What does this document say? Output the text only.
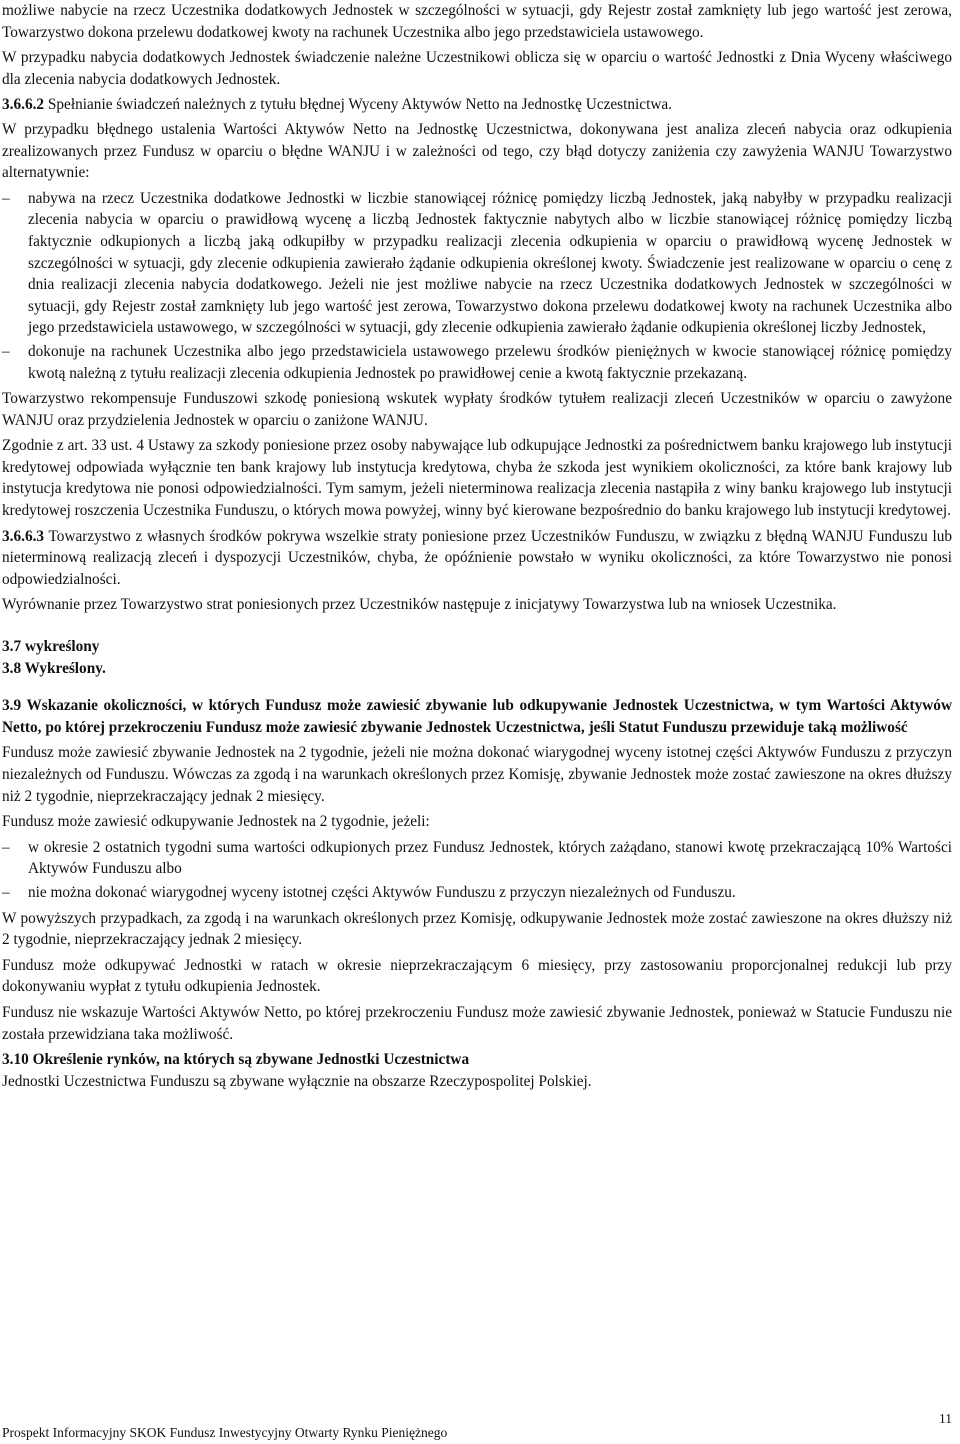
możliwe nabycie na rzecz Uczestnika dodatkowych Jednostek w szczególności w sytuacji, gdy Rejestr został zamknięty lub jego wartość jest zerowa, Towarzystwo dokona przelewu dodatkowej kwoty na rachunek Uczestnika albo jego przedstawiciela ustawowego.

W przypadku nabycia dodatkowych Jednostek świadczenie należne Uczestnikowi oblicza się w oparciu o wartość Jednostki z Dnia Wyceny właściwego dla zlecenia nabycia dodatkowych Jednostek.

3.6.6.2 Spełnianie świadczeń należnych z tytułu błędnej Wyceny Aktywów Netto na Jednostkę Uczestnictwa.

W przypadku błędnego ustalenia Wartości Aktywów Netto na Jednostkę Uczestnictwa, dokonywana jest analiza zleceń nabycia oraz odkupienia zrealizowanych przez Fundusz w oparciu o błędne WANJU i w zależności od tego, czy błąd dotyczy zaniżenia czy zawyżenia WANJU Towarzystwo alternatywnie:

– nabywa na rzecz Uczestnika dodatkowe Jednostki w liczbie stanowiącej różnicę pomiędzy liczbą Jednostek, jaką nabyłby w przypadku realizacji zlecenia nabycia w oparciu o prawidłową wycenę a liczbą Jednostek faktycznie nabytych albo w liczbie stanowiącej różnicę pomiędzy liczbą faktycznie odkupionych a liczbą jaką odkupiłby w przypadku realizacji zlecenia odkupienia w oparciu o prawidłową wycenę Jednostek w szczególności w sytuacji, gdy zlecenie odkupienia zawierało żądanie odkupienia określonej kwoty. Świadczenie jest realizowane w oparciu o cenę z dnia realizacji zlecenia nabycia dodatkowego. Jeżeli nie jest możliwe nabycie na rzecz Uczestnika dodatkowych Jednostek w szczególności w sytuacji, gdy Rejestr został zamknięty lub jego wartość jest zerowa, Towarzystwo dokona przelewu dodatkowej kwoty na rachunek Uczestnika albo jego przedstawiciela ustawowego, w szczególności w sytuacji, gdy zlecenie odkupienia zawierało żądanie odkupienia określonej liczby Jednostek,
– dokonuje na rachunek Uczestnika albo jego przedstawiciela ustawowego przelewu środków pieniężnych w kwocie stanowiącej różnicę pomiędzy kwotą należną z tytułu realizacji zlecenia odkupienia Jednostek po prawidłowej cenie a kwotą faktycznie przekazaną.

Towarzystwo rekompensuje Funduszowi szkodę poniesioną wskutek wypłaty środków tytułem realizacji zleceń Uczestników w oparciu o zawyżone WANJU oraz przydzielenia Jednostek w oparciu o zaniżone WANJU.

Zgodnie z art. 33 ust. 4 Ustawy za szkody poniesione przez osoby nabywające lub odkupujące Jednostki za pośrednictwem banku krajowego lub instytucji kredytowej odpowiada wyłącznie ten bank krajowy lub instytucja kredytowa, chyba że szkoda jest wynikiem okoliczności, za które bank krajowy lub instytucja kredytowa nie ponosi odpowiedzialności. Tym samym, jeżeli nieterminowa realizacja zlecenia nastąpiła z winy banku krajowego lub instytucji kredytowej roszczenia Uczestnika Funduszu, o których mowa powyżej, winny być kierowane bezpośrednio do banku krajowego lub instytucji kredytowej.

3.6.6.3 Towarzystwo z własnych środków pokrywa wszelkie straty poniesione przez Uczestników Funduszu, w związku z błędną WANJU Funduszu lub nieterminową realizacją zleceń i dyspozycji Uczestników, chyba, że opóźnienie powstało w wyniku okoliczności, za które Towarzystwo nie ponosi odpowiedzialności.

Wyrównanie przez Towarzystwo strat poniesionych przez Uczestników następuje z inicjatywy Towarzystwa lub na wniosek Uczestnika.

3.7 wykreślony

3.8 Wykreślony.

3.9 Wskazanie okoliczności, w których Fundusz może zawiesić zbywanie lub odkupywanie Jednostek Uczestnictwa, w tym Wartości Aktywów Netto, po której przekroczeniu Fundusz może zawiesić zbywanie Jednostek Uczestnictwa, jeśli Statut Funduszu przewiduje taką możliwość

Fundusz może zawiesić zbywanie Jednostek na 2 tygodnie, jeżeli nie można dokonać wiarygodnej wyceny istotnej części Aktywów Funduszu z przyczyn niezależnych od Funduszu. Wówczas za zgodą i na warunkach określonych przez Komisję, zbywanie Jednostek może zostać zawieszone na okres dłuższy niż 2 tygodnie, nieprzekraczający jednak 2 miesięcy.

Fundusz może zawiesić odkupywanie Jednostek na 2 tygodnie, jeżeli:

– w okresie 2 ostatnich tygodni suma wartości odkupionych przez Fundusz Jednostek, których zażądano, stanowi kwotę przekraczającą 10% Wartości Aktywów Funduszu albo
– nie można dokonać wiarygodnej wyceny istotnej części Aktywów Funduszu z przyczyn niezależnych od Funduszu.

W powyższych przypadkach, za zgodą i na warunkach określonych przez Komisję, odkupywanie Jednostek może zostać zawieszone na okres dłuższy niż 2 tygodnie, nieprzekraczający jednak 2 miesięcy.

Fundusz może odkupywać Jednostki w ratach w okresie nieprzekraczającym 6 miesięcy, przy zastosowaniu proporcjonalnej redukcji lub przy dokonywaniu wypłat z tytułu odkupienia Jednostek.

Fundusz nie wskazuje Wartości Aktywów Netto, po której przekroczeniu Fundusz może zawiesić zbywanie Jednostek, ponieważ w Statucie Funduszu nie została przewidziana taka możliwość.

3.10 Określenie rynków, na których są zbywane Jednostki Uczestnictwa

Jednostki Uczestnictwa Funduszu są zbywane wyłącznie na obszarze Rzeczypospolitej Polskiej.

Prospekt Informacyjny SKOK Fundusz Inwestycyjny Otwarty Rynku Pieniężnego
11
